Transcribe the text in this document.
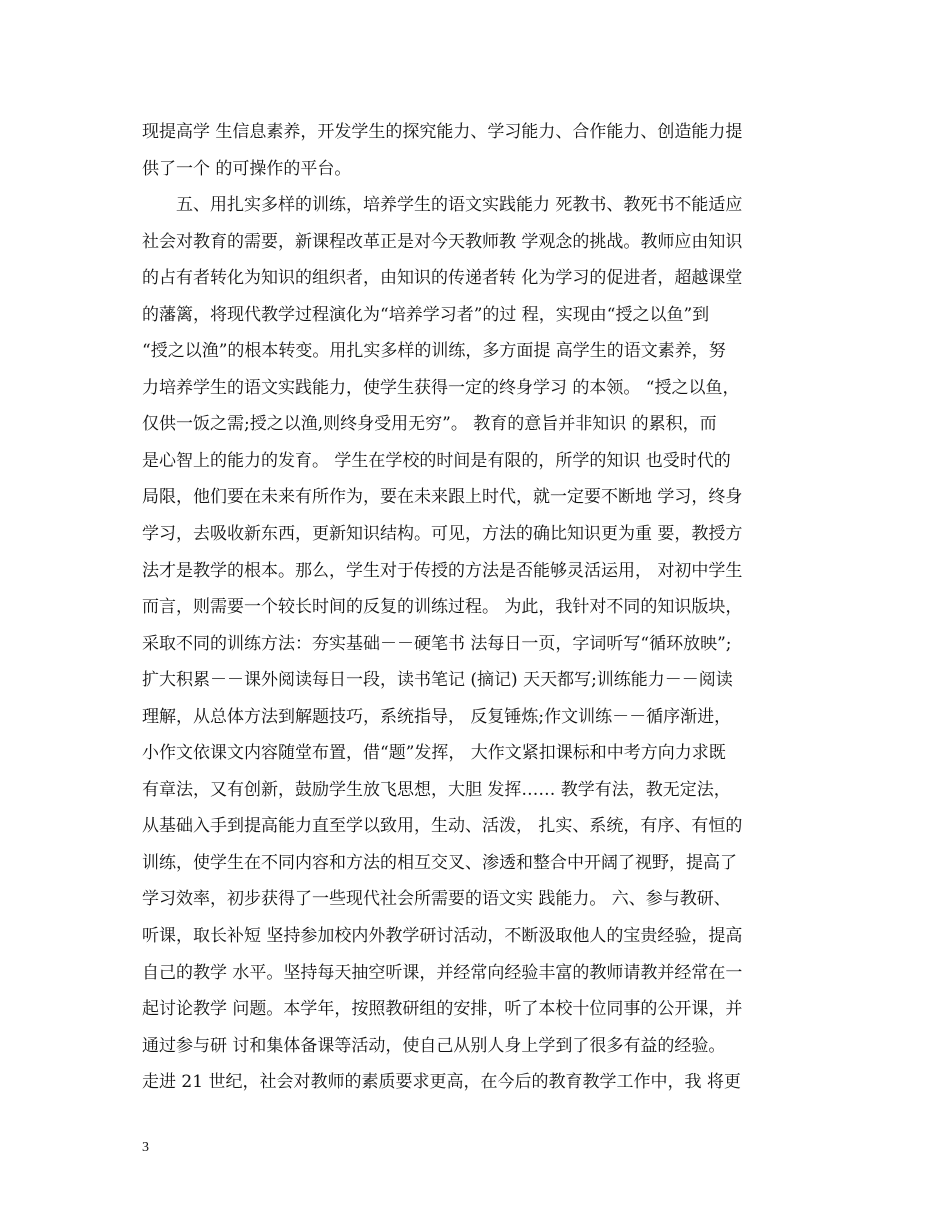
现提高学 生信息素养，开发学生的探究能力、学习能力、合作能力、创造能力提
供了一个 的可操作的平台。
　　五、用扎实多样的训练，培养学生的语文实践能力 死教书、教死书不能适应
社会对教育的需要，新课程改革正是对今天教师教 学观念的挑战。教师应由知识
的占有者转化为知识的组织者，由知识的传递者转 化为学习的促进者，超越课堂
的藩篱，将现代教学过程演化为“培养学习者”的过 程，实现由“授之以鱼”到
“授之以渔”的根本转变。用扎实多样的训练，多方面提 高学生的语文素养，努
力培养学生的语文实践能力，使学生获得一定的终身学习 的本领。 “授之以鱼，
仅供一饭之需;授之以渔,则终身受用无穷”。 教育的意旨并非知识 的累积，而
是心智上的能力的发育。 学生在学校的时间是有限的，所学的知识 也受时代的
局限，他们要在未来有所作为，要在未来跟上时代，就一定要不断地 学习，终身
学习，去吸收新东西，更新知识结构。可见，方法的确比知识更为重 要，教授方
法才是教学的根本。那么，学生对于传授的方法是否能够灵活运用， 对初中学生
而言，则需要一个较长时间的反复的训练过程。 为此，我针对不同的知识版块，
采取不同的训练方法：夯实基础－－硬笔书 法每日一页，字词听写“循环放映”;
扩大积累－－课外阅读每日一段，读书笔记 (摘记) 天天都写;训练能力－－阅读
理解，从总体方法到解题技巧，系统指导， 反复锤炼;作文训练－－循序渐进，
小作文依课文内容随堂布置，借“题”发挥， 大作文紧扣课标和中考方向力求既
有章法，又有创新，鼓励学生放飞思想，大胆 发挥…… 教学有法，教无定法，
从基础入手到提高能力直至学以致用，生动、活泼， 扎实、系统，有序、有恒的
训练，使学生在不同内容和方法的相互交叉、渗透和整合中开阔了视野，提高了
学习效率，初步获得了一些现代社会所需要的语文实 践能力。 六、参与教研、
听课，取长补短 坚持参加校内外教学研讨活动，不断汲取他人的宝贵经验，提高
自己的教学 水平。坚持每天抽空听课，并经常向经验丰富的教师请教并经常在一
起讨论教学 问题。本学年，按照教研组的安排，听了本校十位同事的公开课，并
通过参与研 讨和集体备课等活动，使自己从别人身上学到了很多有益的经验。
走进 21 世纪，社会对教师的素质要求更高，在今后的教育教学工作中，我 将更
3
